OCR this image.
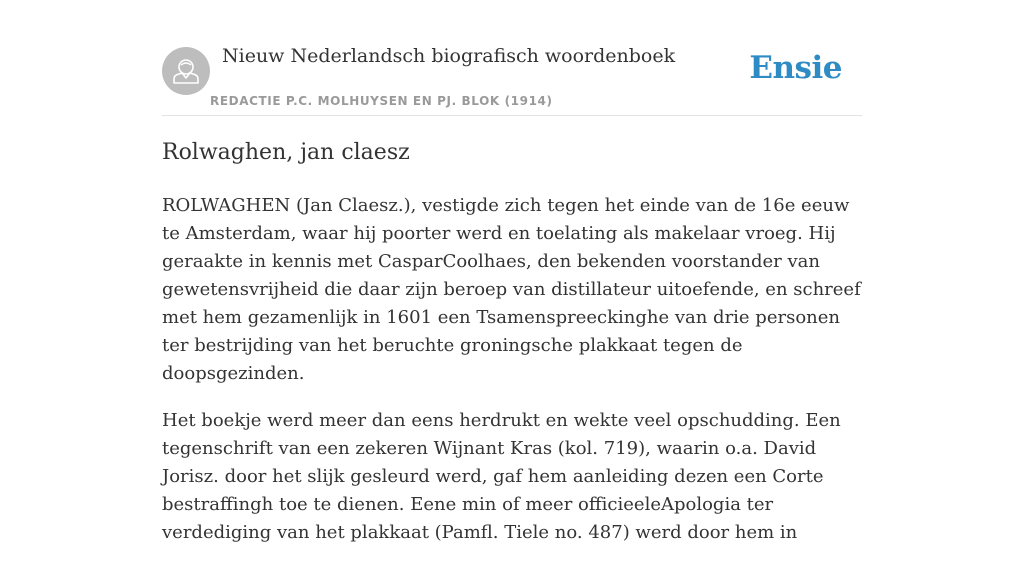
Nieuw Nederlandsch biografisch woordenboek
REDACTIE P.C. MOLHUYSEN EN PJ. BLOK (1914)
Ensie
Rolwaghen, jan claesz

ROLWAGHEN (Jan Claesz.), vestigde zich tegen het einde van de 16e eeuw te Amsterdam, waar hij poorter werd en toelating als makelaar vroeg. Hij geraakte in kennis met CasparCoolhaes, den bekenden voorstander van gewetensvrijheid die daar zijn beroep van distillateur uitoefende, en schreef met hem gezamenlijk in 1601 een Tsamenspreeckinghe van drie personen ter bestrijding van het beruchte groningsche plakkaat tegen de doopsgezinden.

Het boekje werd meer dan eens herdrukt en wekte veel opschudding. Een tegenschrift van een zekeren Wijnant Kras (kol. 719), waarin o.a. David Jorisz. door het slijk gesleurd werd, gaf hem aanleiding dezen een Corte bestraffingh toe te dienen. Eene min of meer officieeleApologia ter verdediging van het plakkaat (Pamfl. Tiele no. 487) werd door hem in
